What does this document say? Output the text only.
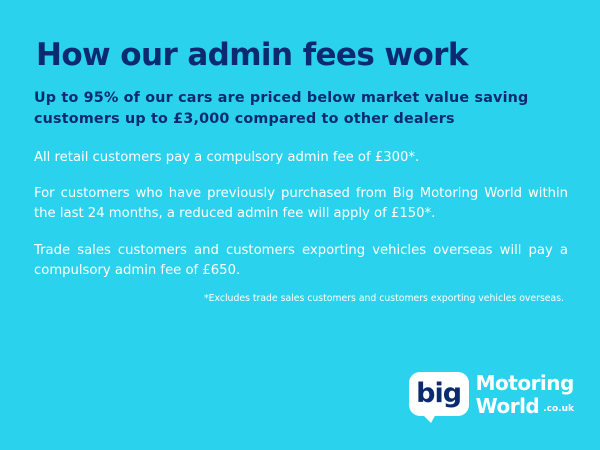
How our admin fees work

Up to 95% of our cars are priced below market value saving customers up to £3,000 compared to other dealers

All retail customers pay a compulsory admin fee of £300*.

For customers who have previously purchased from Big Motoring World within the last 24 months, a reduced admin fee will apply of £150*.

Trade sales customers and customers exporting vehicles overseas will pay a compulsory admin fee of £650.

*Excludes trade sales customers and customers exporting vehicles overseas.

big Motoring
World .co.uk
